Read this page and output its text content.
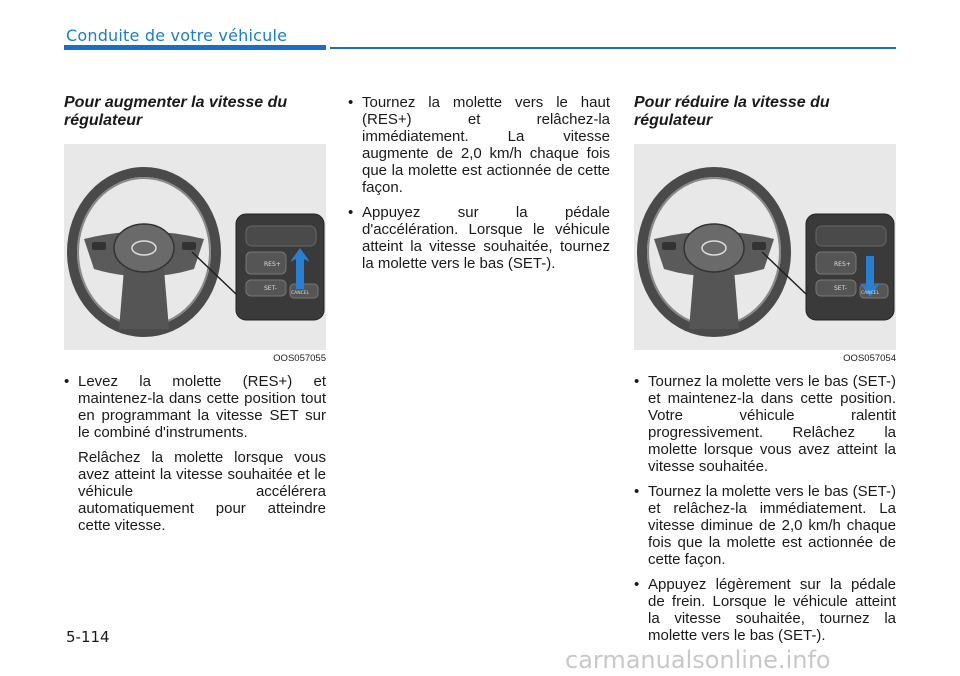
Conduite de votre véhicule
Pour augmenter la vitesse du régulateur
RES+
SET-
CANCEL
OOS057055

• Levez la molette (RES+) et maintenez-la dans cette position tout en programmant la vitesse SET sur le combiné d'instruments.

Relâchez la molette lorsque vous avez atteint la vitesse souhaitée et le véhicule accélérera automatiquement pour atteindre cette vitesse.

• Tournez la molette vers le haut (RES+) et relâchez-la immédiatement. La vitesse augmente de 2,0 km/h chaque fois que la molette est actionnée de cette façon.

• Appuyez sur la pédale d'accélération. Lorsque le véhicule atteint la vitesse souhaitée, tournez la molette vers le bas (SET-).

Pour réduire la vitesse du régulateur
RES+
SET-
CANCEL
OOS057054

• Tournez la molette vers le bas (SET-) et maintenez-la dans cette position. Votre véhicule ralentit progressivement. Relâchez la molette lorsque vous avez atteint la vitesse souhaitée.

• Tournez la molette vers le bas (SET-) et relâchez-la immédiatement. La vitesse diminue de 2,0 km/h chaque fois que la molette est actionnée de cette façon.

• Appuyez légèrement sur la pédale de frein. Lorsque le véhicule atteint la vitesse souhaitée, tournez la molette vers le bas (SET-).

5-114
carmanualsonline.info
